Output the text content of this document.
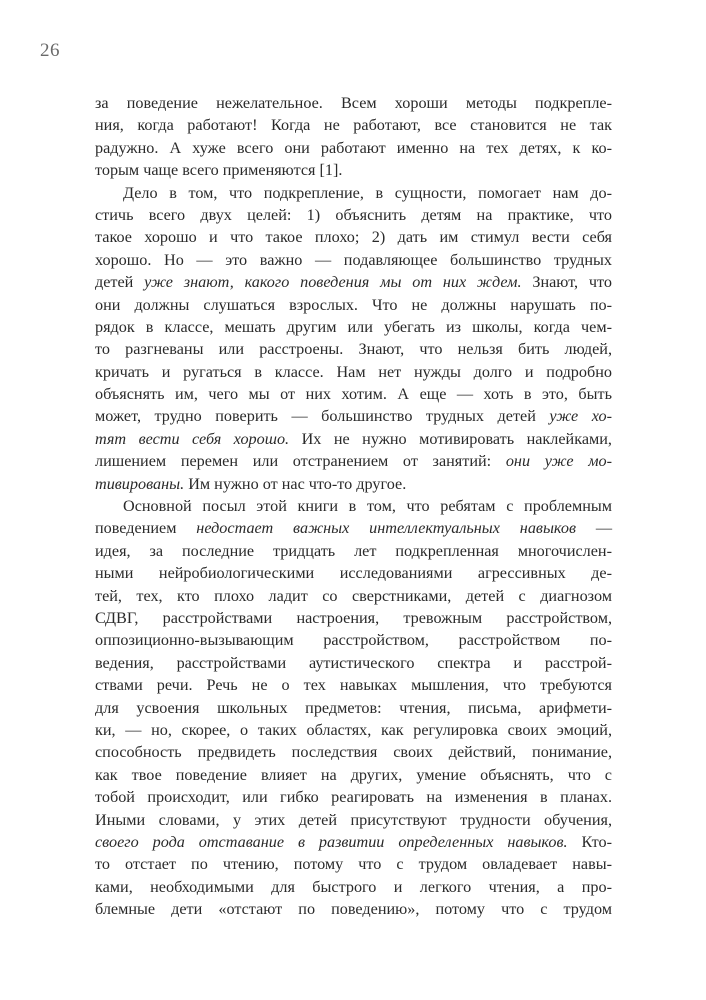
26
за поведение нежелательное. Всем хороши методы подкрепле-
ния, когда работают! Когда не работают, все становится не так
радужно. А хуже всего они работают именно на тех детях, к ко-
торым чаще всего применяются [1].
Дело в том, что подкрепление, в сущности, помогает нам до-
стичь всего двух целей: 1) объяснить детям на практике, что
такое хорошо и что такое плохо; 2) дать им стимул вести себя
хорошо. Но — это важно — подавляющее большинство трудных
детей уже знают, какого поведения мы от них ждем. Знают, что
они должны слушаться взрослых. Что не должны нарушать по-
рядок в классе, мешать другим или убегать из школы, когда чем-
то разгневаны или расстроены. Знают, что нельзя бить людей,
кричать и ругаться в классе. Нам нет нужды долго и подробно
объяснять им, чего мы от них хотим. А еще — хоть в это, быть
может, трудно поверить — большинство трудных детей уже хо-
тят вести себя хорошо. Их не нужно мотивировать наклейками,
лишением перемен или отстранением от занятий: они уже мо-
тивированы. Им нужно от нас что-то другое.
Основной посыл этой книги в том, что ребятам с проблемным
поведением недостает важных интеллектуальных навыков —
идея, за последние тридцать лет подкрепленная многочислен-
ными нейробиологическими исследованиями агрессивных де-
тей, тех, кто плохо ладит со сверстниками, детей с диагнозом
СДВГ, расстройствами настроения, тревожным расстройством,
оппозиционно-вызывающим расстройством, расстройством по-
ведения, расстройствами аутистического спектра и расстрой-
ствами речи. Речь не о тех навыках мышления, что требуются
для усвоения школьных предметов: чтения, письма, арифмети-
ки, — но, скорее, о таких областях, как регулировка своих эмоций,
способность предвидеть последствия своих действий, понимание,
как твое поведение влияет на других, умение объяснять, что с
тобой происходит, или гибко реагировать на изменения в планах.
Иными словами, у этих детей присутствуют трудности обучения,
своего рода отставание в развитии определенных навыков. Кто-
то отстает по чтению, потому что с трудом овладевает навы-
ками, необходимыми для быстрого и легкого чтения, а про-
блемные дети «отстают по поведению», потому что с трудом
